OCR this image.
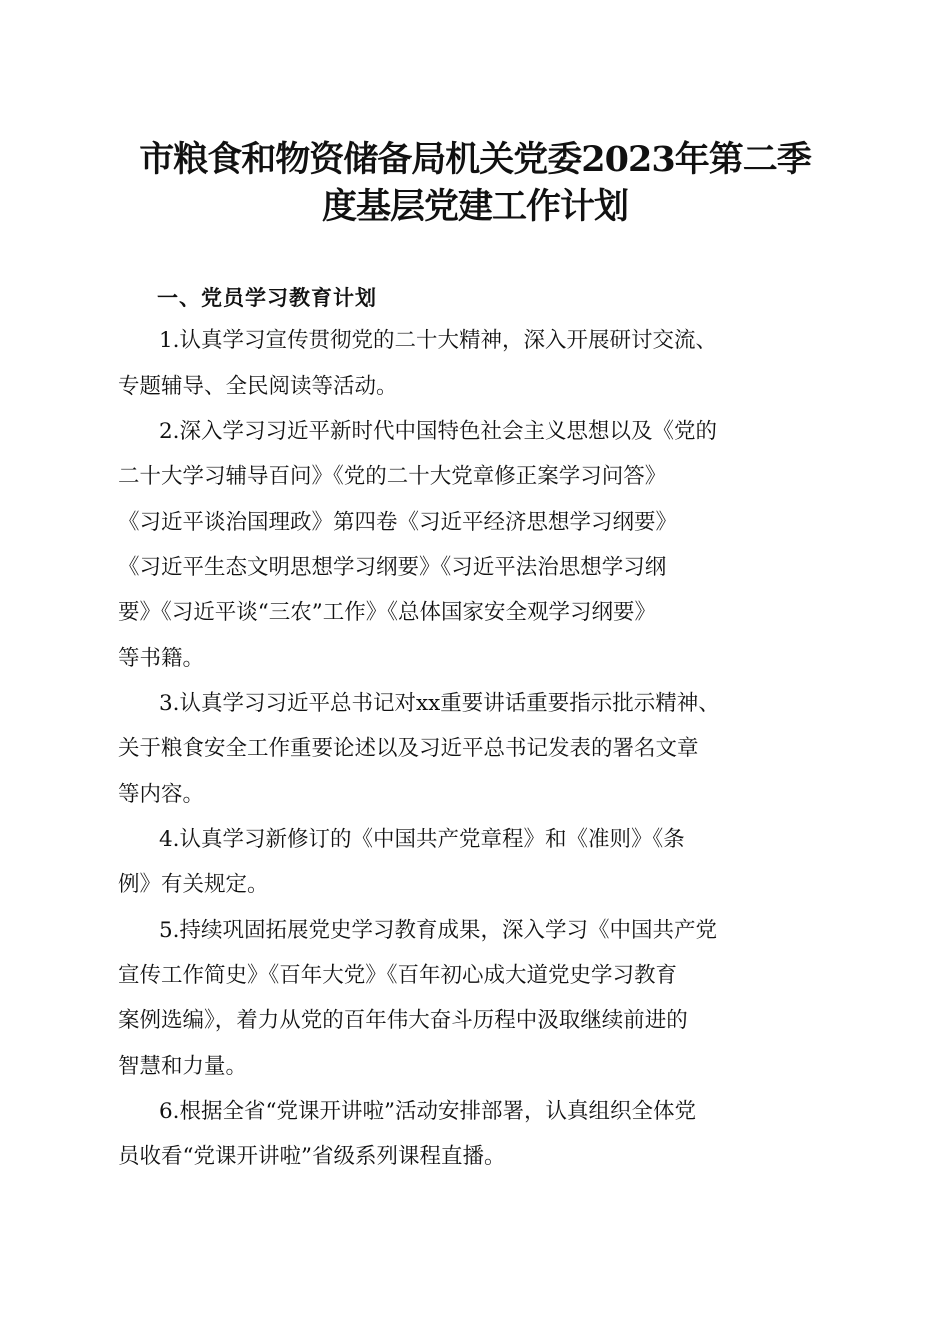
市粮食和物资储备局机关党委2023年第二季
度基层党建工作计划
一、党员学习教育计划

1.认真学习宣传贯彻党的二十大精神，深入开展研讨交流、

专题辅导、全民阅读等活动。

2.深入学习习近平新时代中国特色社会主义思想以及《党的

二十大学习辅导百问》《党的二十大党章修正案学习问答》

《习近平谈治国理政》第四卷《习近平经济思想学习纲要》

《习近平生态文明思想学习纲要》《习近平法治思想学习纲

要》《习近平谈“三农”工作》《总体国家安全观学习纲要》

等书籍。

3.认真学习习近平总书记对xx重要讲话重要指示批示精神、

关于粮食安全工作重要论述以及习近平总书记发表的署名文章

等内容。

4.认真学习新修订的《中国共产党章程》和《准则》《条

例》有关规定。

5.持续巩固拓展党史学习教育成果，深入学习《中国共产党

宣传工作简史》《百年大党》《百年初心成大道党史学习教育

案例选编》，着力从党的百年伟大奋斗历程中汲取继续前进的

智慧和力量。

6.根据全省“党课开讲啦”活动安排部署，认真组织全体党

员收看“党课开讲啦”省级系列课程直播。
